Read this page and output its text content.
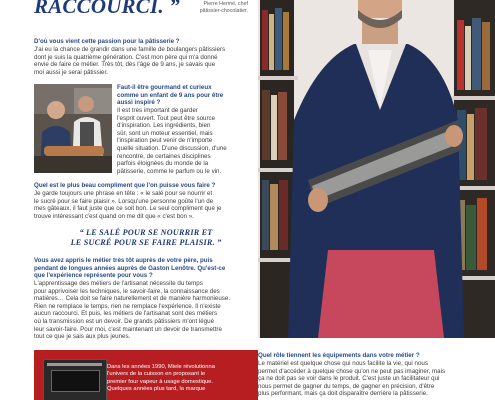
RACCOURCI. ”	Pierre Hermé, chef
pâtissier-chocolatier.
D'où vous vient cette passion pour la pâtisserie ?
J'ai eu la chance de grandir dans une famille de boulangers pâtissiers
dont je suis la quatrième génération. C'est mon père qui m'a donné
envie de faire ce métier. Très tôt, dès l'âge de 9 ans, je savais que
moi aussi je serai pâtissier.
Faut-il être gourmand et curieux
comme un enfant de 9 ans pour être
aussi inspiré ?
Il est très important de garder
l'esprit ouvert. Tout peut être source
d'inspiration. Les ingrédients, bien
sûr, sont un moteur essentiel, mais
l'inspiration peut venir de n'importe
quelle situation. D'une discussion, d'une
rencontre, de certaines disciplines
parfois éloignées du monde de la
pâtisserie, comme le parfum ou le vin.
Quel est le plus beau compliment que l'on puisse vous faire ?
Je garde toujours une phrase en tête : « le salé pour se nourrir et
le sucré pour se faire plaisir ». Lorsqu'une personne goûte l'un de
mes gâteaux, il faut juste que ce soit bon. Le seul compliment que je
trouve intéressant c'est quand on me dit que « c'est bon ».
“ LE SALÉ POUR SE NOURRIR ET
LE SUCRÉ POUR SE FAIRE PLAISIR. ”
Vous avez appris le métier très tôt auprès de votre père, puis
pendant de longues années auprès de Gaston Lenôtre. Qu'est-ce
que l'expérience représente pour vous ?
L'apprentissage des métiers de l'artisanat nécessite du temps
pour apprivoiser les techniques, le savoir-faire, la connaissance des
matières… Cela doit se faire naturellement et de manière harmonieuse.
Rien ne remplace le temps, rien ne remplace l'expérience. Il n'existe
aucun raccourci. Et puis, les métiers de l'artisanat sont des métiers
où la transmission est un devoir. De grands pâtissiers m'ont légué
leur savoir-faire. Pour moi, c'est maintenant un devoir de transmettre
tout ce que je sais aux plus jeunes.
Dans les années 1990, Miele révolutionna
l'univers de la cuisson en proposant le
premier four vapeur à usage domestique.
Quelques années plus tard, la marque
Quel rôle tiennent les équipements dans votre métier ?
Le matériel est quelque chose qui nous facilite la vie, qui nous
permet d'accéder à quelque chose qu'on ne peut pas imaginer, mais
ça ne doit pas se voir dans le produit. C'est juste un facilitateur qui
nous permet de gagner du temps, de gagner en précision, d'être
plus performant, mais ça doit disparaître derrière la pâtisserie.
